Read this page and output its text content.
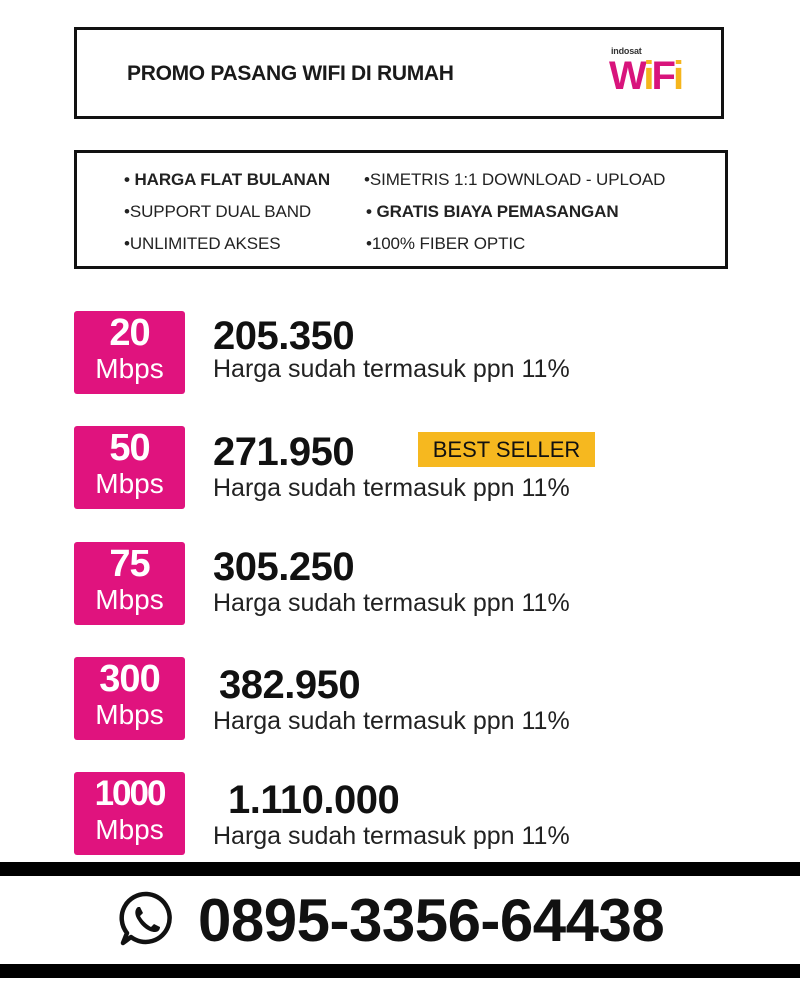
PROMO PASANG WIFI DI RUMAH
indosat
WiFi
• HARGA FLAT BULANAN •SIMETRIS 1:1 DOWNLOAD - UPLOAD
•SUPPORT DUAL BAND	• GRATIS BIAYA PEMASANGAN
•UNLIMITED AKSES	•100% FIBER OPTIC
20
Mbps
205.350
Harga sudah termasuk ppn 11%
50
Mbps
271.950	BEST SELLER
Harga sudah termasuk ppn 11%
75
Mbps
305.250
Harga sudah termasuk ppn 11%
300
Mbps
382.950
Harga sudah termasuk ppn 11%
1000
Mbps
1.110.000
Harga sudah termasuk ppn 11%
0895-3356-64438
